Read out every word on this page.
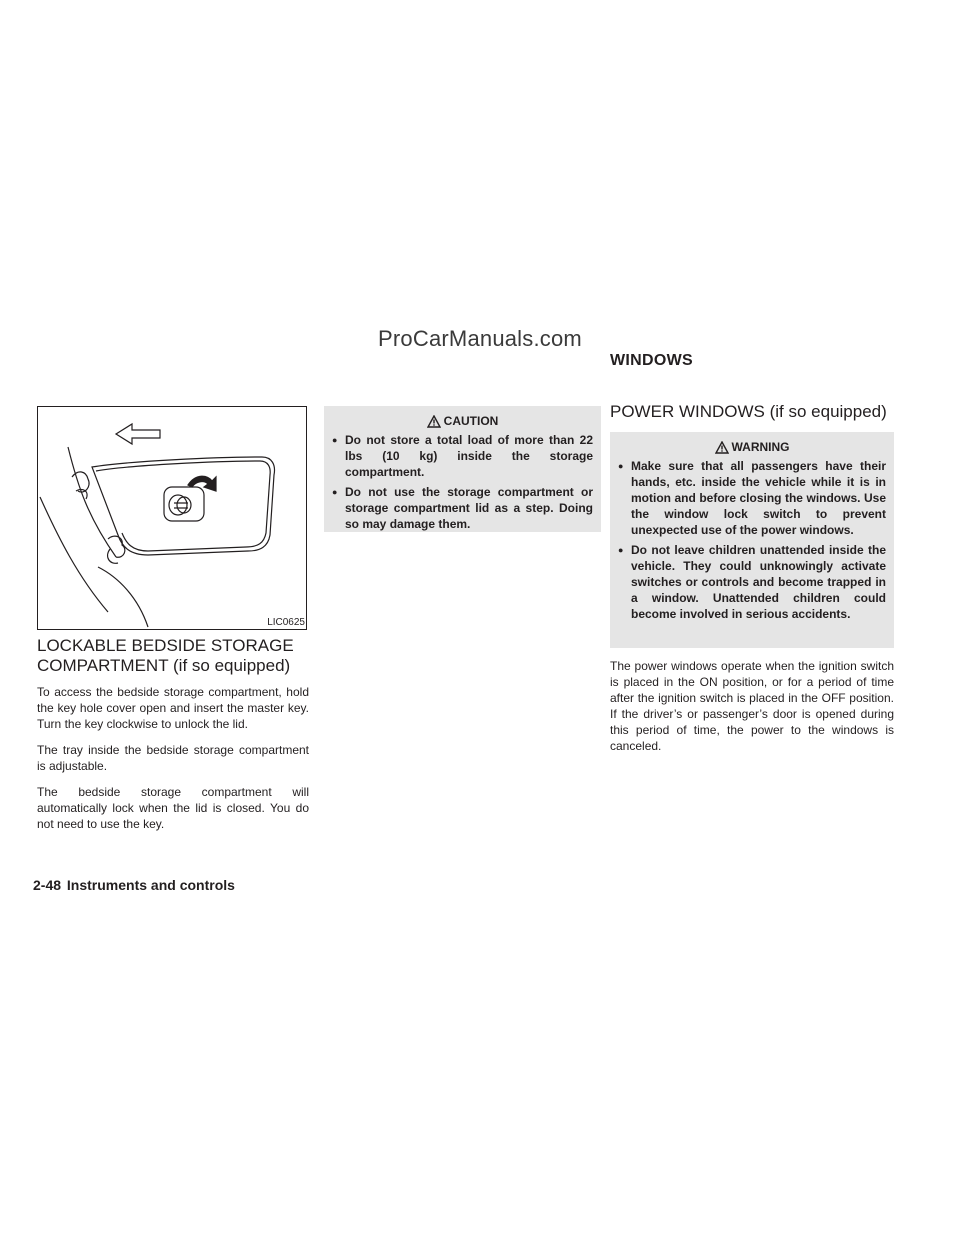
ProCarManuals.com
WINDOWS
LIC0625
LOCKABLE BEDSIDE STORAGE
COMPARTMENT (if so equipped)

To access the bedside storage compartment, hold the key hole cover open and insert the master key. Turn the key clockwise to unlock the lid.

The tray inside the bedside storage compartment is adjustable.

The bedside storage compartment will automatically lock when the lid is closed. You do not need to use the key.

CAUTION
● Do not store a total load of more than 22 lbs (10 kg) inside the storage compartment.
● Do not use the storage compartment or storage compartment lid as a step. Doing so may damage them.
POWER WINDOWS (if so equipped)
WARNING
● Make sure that all passengers have their hands, etc. inside the vehicle while it is in motion and before closing the windows. Use the window lock switch to prevent unexpected use of the power windows.
● Do not leave children unattended inside the vehicle. They could unknowingly activate switches or controls and become trapped in a window. Unattended children could become involved in serious accidents.

The power windows operate when the ignition switch is placed in the ON position, or for a period of time after the ignition switch is placed in the OFF position. If the driver’s or passenger’s door is opened during this period of time, the power to the windows is canceled.

2-48 Instruments and controls
